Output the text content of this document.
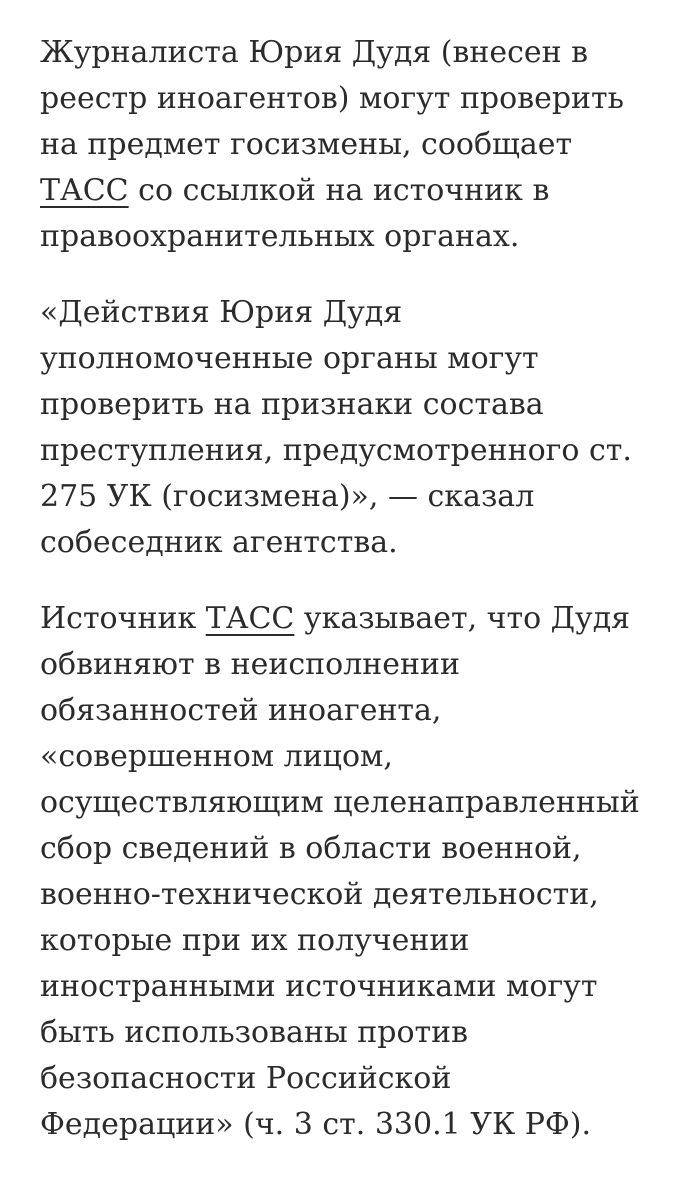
Журналиста Юрия Дудя (внесен в
реестр иноагентов) могут проверить
на предмет госизмены, сообщает
ТАСС со ссылкой на источник в
правоохранительных органах.

«Действия Юрия Дудя
уполномоченные органы могут
проверить на признаки состава
преступления, предусмотренного ст.
275 УК (госизмена)», — сказал
собеседник агентства.

Источник ТАСС указывает, что Дудя
обвиняют в неисполнении
обязанностей иноагента,
«совершенном лицом,
осуществляющим целенаправленный
сбор сведений в области военной,
военно-технической деятельности,
которые при их получении
иностранными источниками могут
быть использованы против
безопасности Российской
Федерации» (ч. 3 ст. 330.1 УК РФ).
